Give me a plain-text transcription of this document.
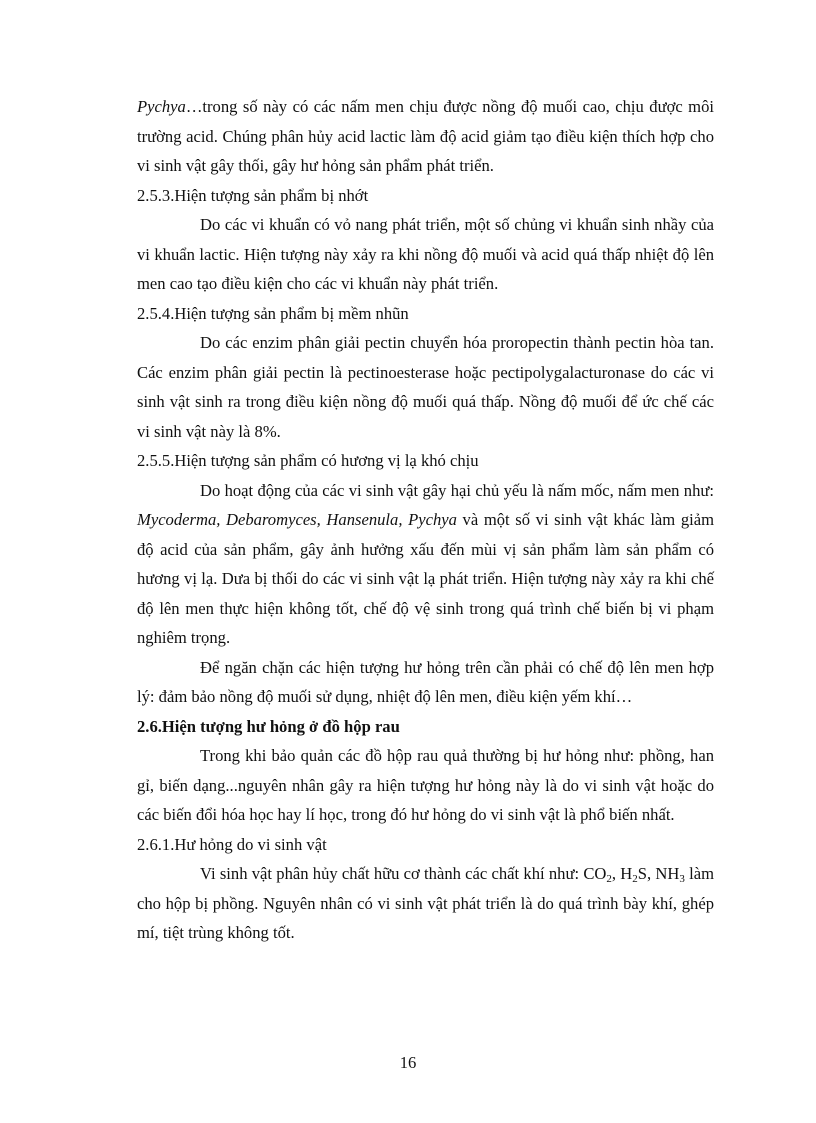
Pychya…trong số này có các nấm men chịu được nồng độ muối cao, chịu được môi trường acid. Chúng phân hủy acid lactic làm độ acid giảm tạo điều kiện thích hợp cho vi sinh vật gây thối, gây hư hỏng sản phẩm phát triển.

2.5.3.Hiện tượng sản phẩm bị nhớt

Do các vi khuẩn có vỏ nang phát triển, một số chủng vi khuẩn sinh nhầy của vi khuẩn lactic. Hiện tượng này xảy ra khi nồng độ muối và acid quá thấp nhiệt độ lên men cao tạo điều kiện cho các vi khuẩn này phát triển.

2.5.4.Hiện tượng sản phẩm bị mềm nhũn

Do các enzim phân giải pectin chuyển hóa proropectin thành pectin hòa tan. Các enzim phân giải pectin là pectinoesterase hoặc pectipolygalacturonase do các vi sinh vật sinh ra trong điều kiện nồng độ muối quá thấp. Nồng độ muối để ức chế các vi sinh vật này là 8%.

2.5.5.Hiện tượng sản phẩm có hương vị lạ khó chịu

Do hoạt động của các vi sinh vật gây hại chủ yếu là nấm mốc, nấm men như: Mycoderma, Debaromyces, Hansenula, Pychya và một số vi sinh vật khác làm giảm độ acid của sản phẩm, gây ảnh hưởng xấu đến mùi vị sản phẩm làm sản phẩm có hương vị lạ. Dưa bị thối do các vi sinh vật lạ phát triển. Hiện tượng này xảy ra khi chế độ lên men thực hiện không tốt, chế độ vệ sinh trong quá trình chế biến bị vi phạm nghiêm trọng.

Để ngăn chặn các hiện tượng hư hỏng trên cần phải có chế độ lên men hợp lý: đảm bảo nồng độ muối sử dụng, nhiệt độ lên men, điều kiện yếm khí…

2.6.Hiện tượng hư hỏng ở đồ hộp rau

Trong khi bảo quản các đồ hộp rau quả thường bị hư hỏng như: phồng, han gỉ, biến dạng...nguyên nhân gây ra hiện tượng hư hỏng này là do vi sinh vật hoặc do các biến đổi hóa học hay lí học, trong đó hư hỏng do vi sinh vật là phổ biến nhất.

2.6.1.Hư hỏng do vi sinh vật

Vi sinh vật phân hủy chất hữu cơ thành các chất khí như: $CO_2$, $H_2S$, $NH_3$ làm cho hộp bị phồng. Nguyên nhân có vi sinh vật phát triển là do quá trình bày khí, ghép mí, tiệt trùng không tốt.

16
